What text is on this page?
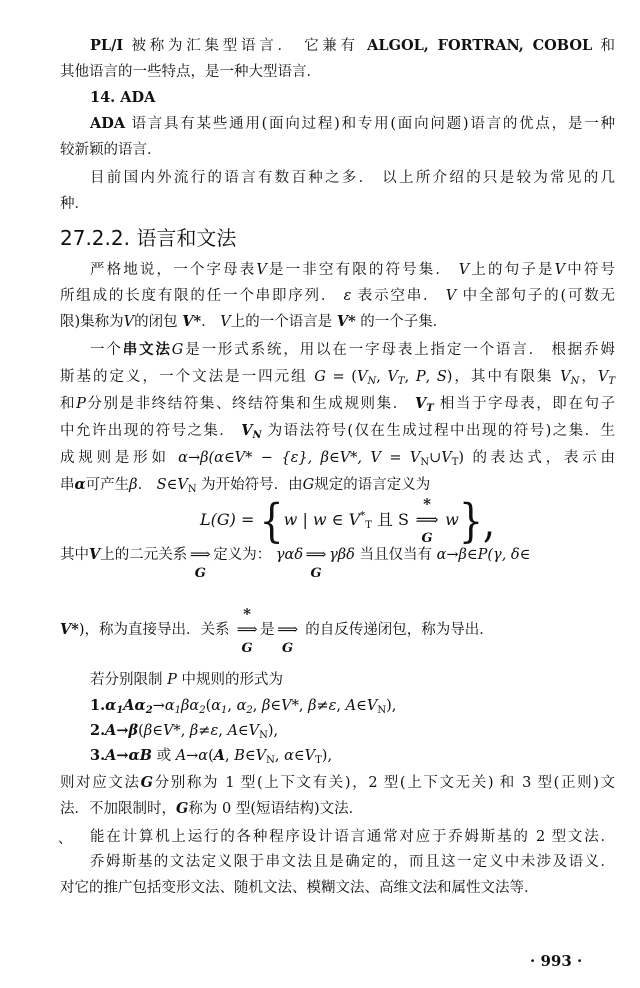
PL/I 被称为汇集型语言． 它兼有 ALGOL, FORTRAN, COBOL 和
其他语言的一些特点，是一种大型语言．
14. ADA
ADA 语言具有某些通用(面向过程)和专用(面向问题)语言的优点，是一种
较新颖的语言．
目前国内外流行的语言有数百种之多． 以上所介绍的只是较为常见的几
种．
严格地说，一个字母表V是一非空有限的符号集． V上的句子是V中符号
所组成的长度有限的任一个串即序列． ε 表示空串． V 中全部句子的(可数无
限)集称为V的闭包 V*． V上的一个语言是 V* 的一个子集．
一个串文法G是一形式系统，用以在一字母表上指定一个语言． 根据乔姆
斯基的定义，一个文法是一四元组 $G = (V_N$, $V_T$, P, S)，其中有限集 $V_N$，$V_T$
和P分别是非终结符集、终结符集和生成规则集． $V_T$ 相当于字母表，即在句子
中允许出现的符号之集． $V_N$ 为语法符号(仅在生成过程中出现的符号)之集．生
成规则是形如 α→β(α∈V* − {ε}, β∈V*, $V = V_N\cup V_T$) 的表达式，表示由
串α可产生β． $S\in V_N$ 为开始符号．由G规定的语言定义为
其中V上的二元关系 ⟹
G
定义为： γαδ ⟹
G
γβδ 当且仅当有 α→β∈P(γ, δ∈
V*)，称为直接导出．关系
*
⟹
G
是 ⟹
G
的自反传递闭包，称为导出．
若分别限制 P 中规则的形式为
$1.\alpha_1A\alpha_2\to\alpha_1\beta\alpha_2(\alpha_1$, $\alpha_2$, β∈V*, β≠ε, $A\in V_N$),
2.A→β(β∈V*, β≠ε, $A\in V_N$),
3.A→αB 或 A→α(A, $B\in V_N$, $\alpha\in V_T$),
则对应文法G分别称为 1 型(上下文有关)，2 型(上下文无关) 和 3 型(正则)文
法．不加限制时，G称为 0 型(短语结构)文法．
能在计算机上运行的各种程序设计语言通常对应于乔姆斯基的 2 型文法．
乔姆斯基的文法定义限于串文法且是确定的，而且这一定义中未涉及语义．
对它的推广包括变形文法、随机文法、模糊文法、高维文法和属性文法等．
27.2.2. 语言和文法
L(G) = {w | w ∈ $V^*_T$ 且 S
*
⟹
G
w},
、
· 993 ·
